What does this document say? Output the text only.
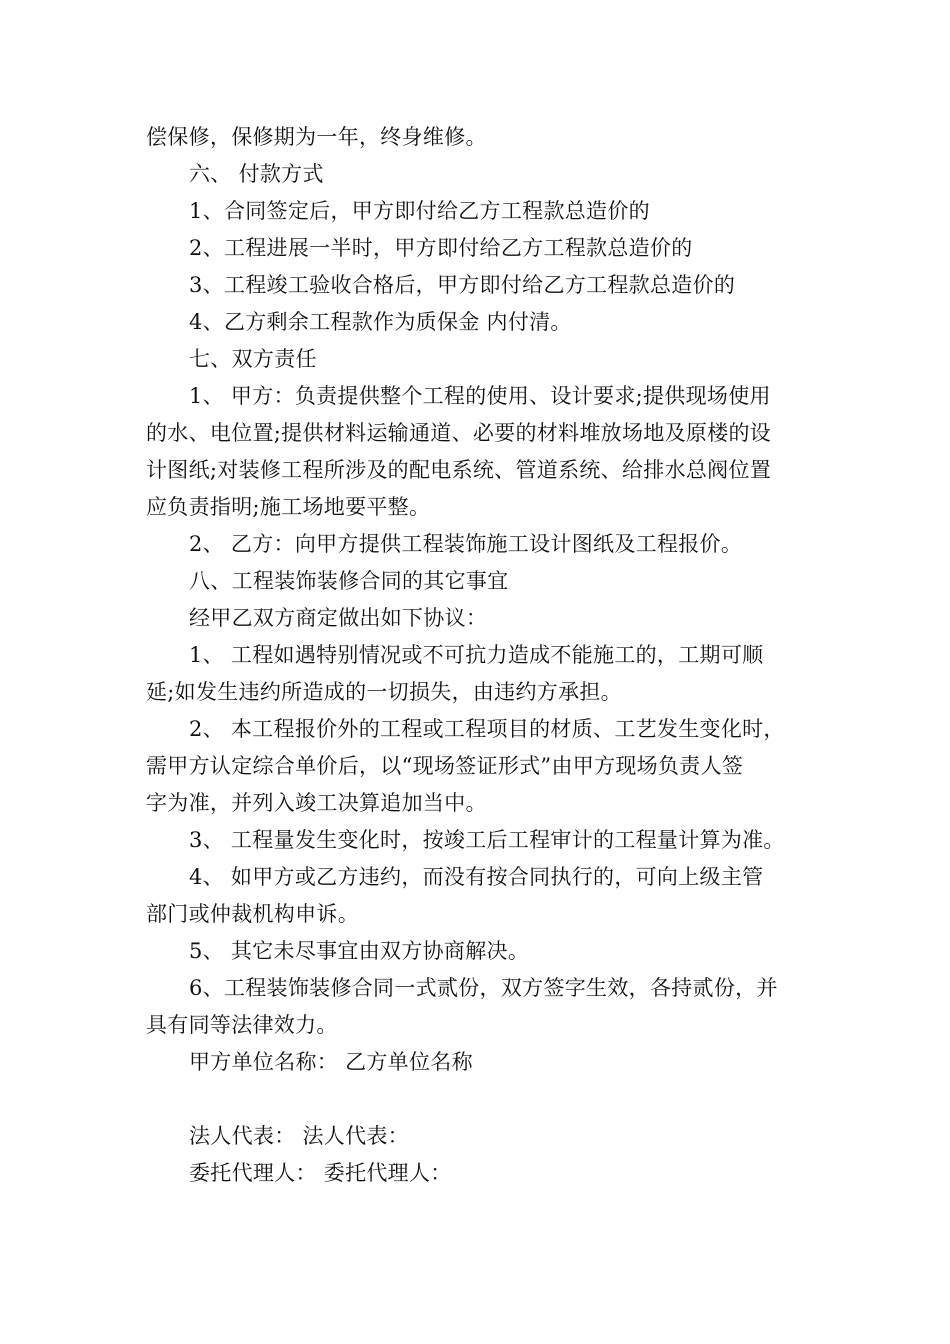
偿保修，保修期为一年，终身维修。
六、 付款方式
1、合同签定后，甲方即付给乙方工程款总造价的
2、工程进展一半时，甲方即付给乙方工程款总造价的
3、工程竣工验收合格后，甲方即付给乙方工程款总造价的
4、乙方剩余工程款作为质保金 内付清。
七、双方责任
1、 甲方：负责提供整个工程的使用、设计要求;提供现场使用
的水、电位置;提供材料运输通道、必要的材料堆放场地及原楼的设
计图纸;对装修工程所涉及的配电系统、管道系统、给排水总阀位置
应负责指明;施工场地要平整。
2、 乙方：向甲方提供工程装饰施工设计图纸及工程报价。
八、工程装饰装修合同的其它事宜
经甲乙双方商定做出如下协议：
1、 工程如遇特别情况或不可抗力造成不能施工的，工期可顺
延;如发生违约所造成的一切损失，由违约方承担。
2、 本工程报价外的工程或工程项目的材质、工艺发生变化时，
需甲方认定综合单价后，以“现场签证形式”由甲方现场负责人签
字为准，并列入竣工决算追加当中。
3、 工程量发生变化时，按竣工后工程审计的工程量计算为准。
4、 如甲方或乙方违约，而没有按合同执行的，可向上级主管
部门或仲裁机构申诉。
5、 其它未尽事宜由双方协商解决。
6、工程装饰装修合同一式贰份，双方签字生效，各持贰份，并
具有同等法律效力。
甲方单位名称： 乙方单位名称
法人代表： 法人代表：
委托代理人： 委托代理人：
